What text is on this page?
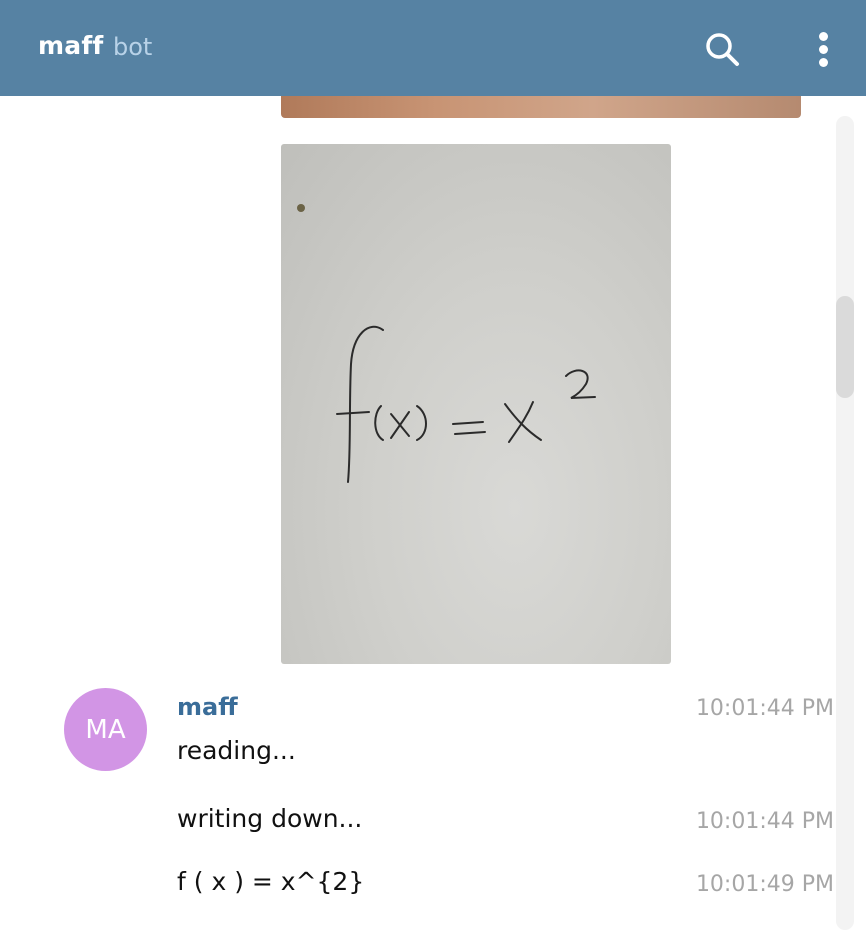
maff bot
MA
maff
reading...
10:01:44 PM
writing down...	10:01:44 PM
f ( x ) = x^{2}	10:01:49 PM
